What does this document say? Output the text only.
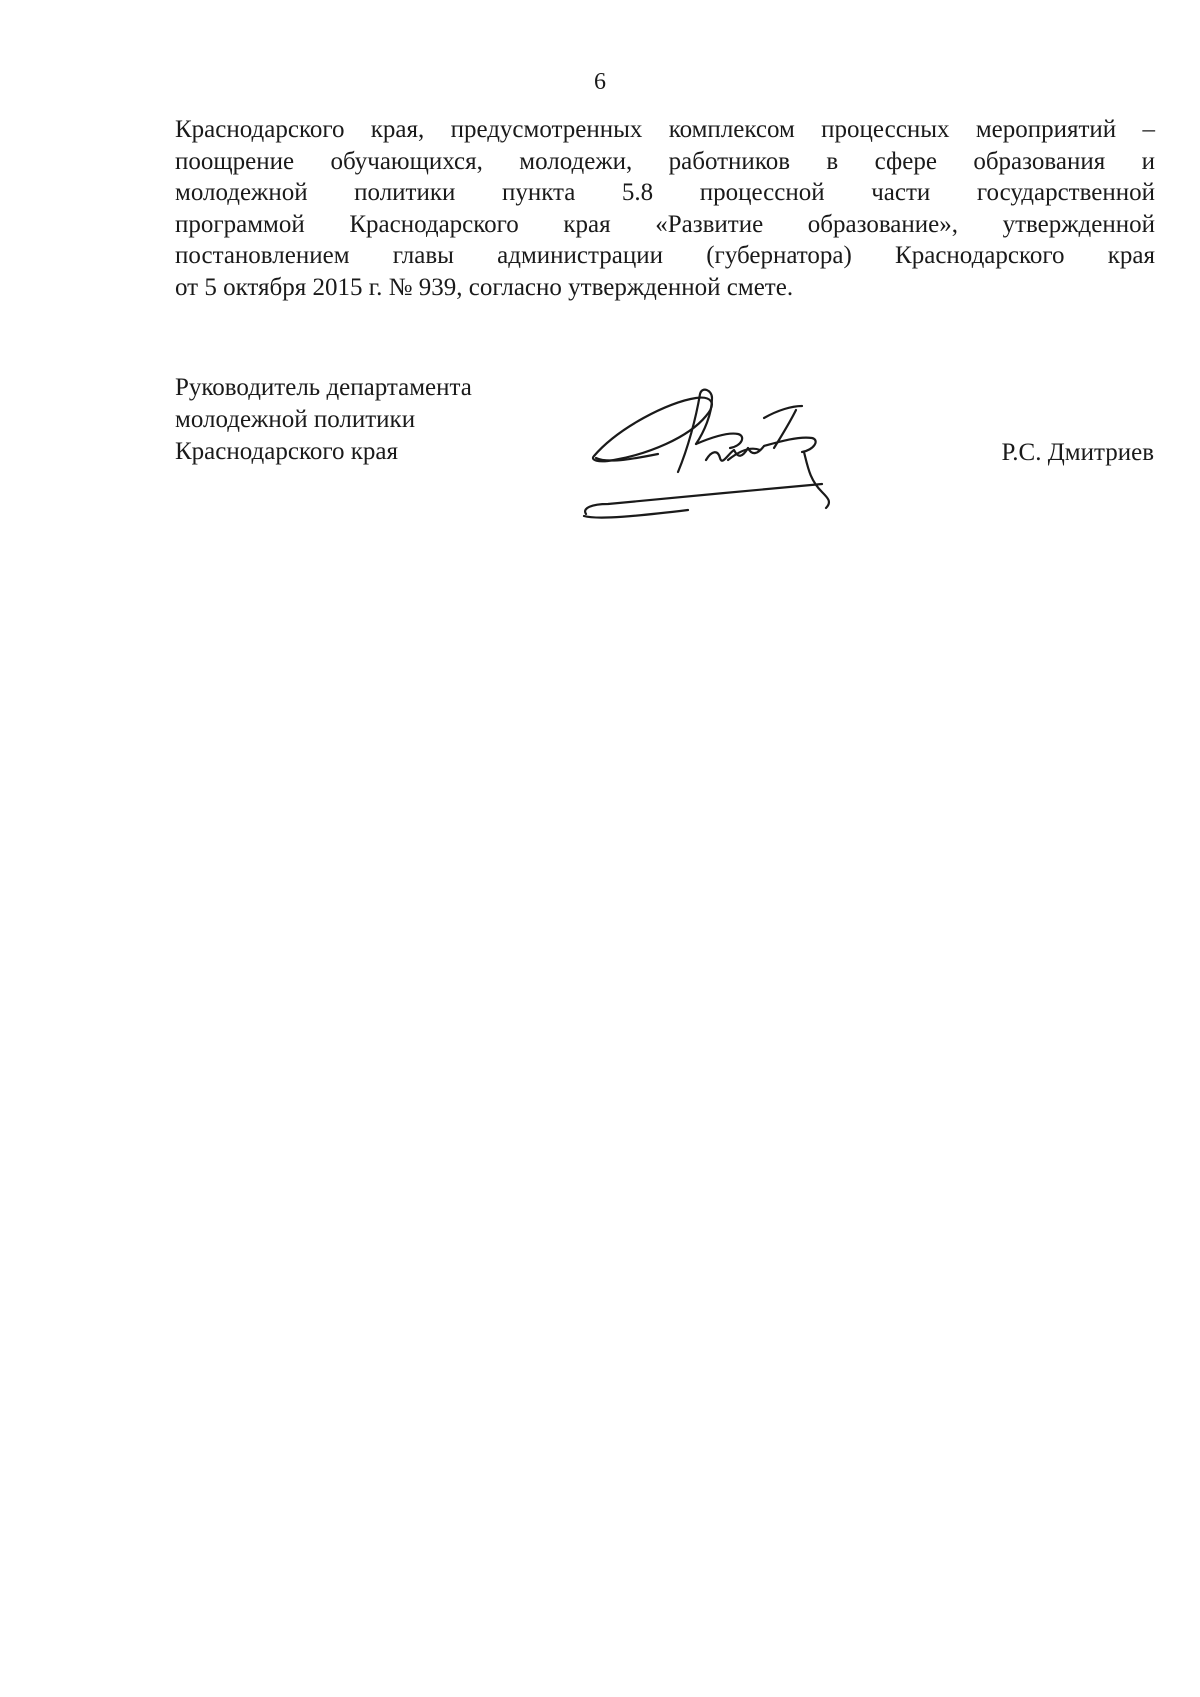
6
Краснодарского края, предусмотренных комплексом процессных мероприятий –
поощрение обучающихся, молодежи, работников в сфере образования и
молодежной политики пункта 5.8 процессной части государственной
программой Краснодарского края «Развитие образование», утвержденной
постановлением главы администрации (губернатора) Краснодарского края
от 5 октября 2015 г. № 939, согласно утвержденной смете.
Руководитель департамента
молодежной политики
Краснодарского края	Р.С. Дмитриев
